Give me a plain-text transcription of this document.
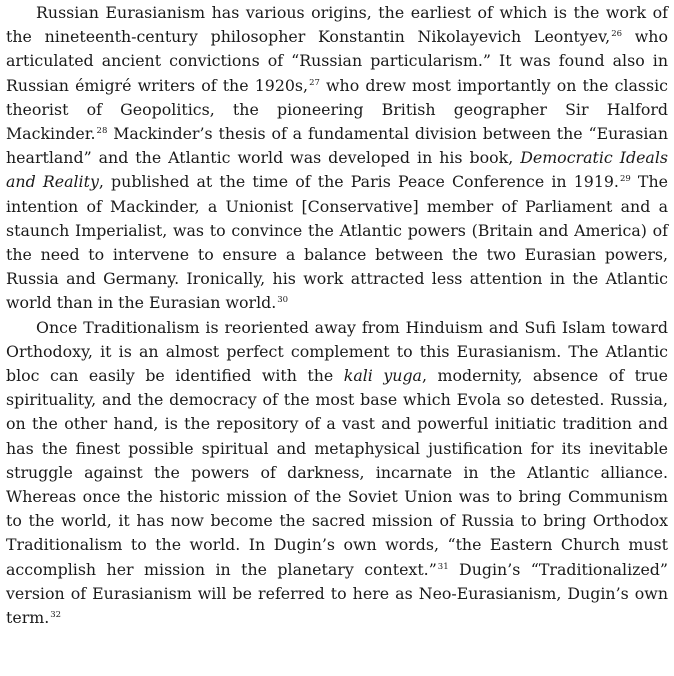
Russian Eurasianism has various origins, the earliest of which is the work of the nineteenth-century philosopher Konstantin Nikolayevich Leontyev,$^{26}$ who articulated ancient convictions of “Russian particularism.” It was found also in Russian émigré writers of the 1920s,$^{27}$ who drew most importantly on the classic theorist of Geopolitics, the pioneering British geographer Sir Halford Mackinder.$^{28}$ Mackinder’s thesis of a fundamental division between the “Eurasian heartland” and the Atlantic world was developed in his book, Democratic Ideals and Reality, published at the time of the Paris Peace Conference in 1919.29 The intention of Mackinder, a Unionist [Conservative] member of Parliament and a staunch Imperialist, was to convince the Atlantic powers (Britain and America) of the need to intervene to ensure a balance between the two Eurasian powers, Russia and Germany. Ironically, his work attracted less attention in the Atlantic world than in the Eurasian world.$^{30}$

Once Traditionalism is reoriented away from Hinduism and Sufi Islam toward Orthodoxy, it is an almost perfect complement to this Eurasianism. The Atlantic bloc can easily be identified with the kali yuga, modernity, absence of true spirituality, and the democracy of the most base which Evola so detested. Russia, on the other hand, is the repository of a vast and powerful initiatic tradition and has the finest possible spiritual and metaphysical justification for its inevitable struggle against the powers of darkness, incarnate in the Atlantic alliance. Whereas once the historic mission of the Soviet Union was to bring Communism to the world, it has now become the sacred mission of Russia to bring Orthodox Traditionalism to the world. In Dugin’s own words, “the Eastern Church must accomplish her mission in the planetary context.”$^{31}$ Dugin’s “Traditionalized” version of Eurasianism will be referred to here as Neo-Eurasianism, Dugin’s own term.$^{32}$
